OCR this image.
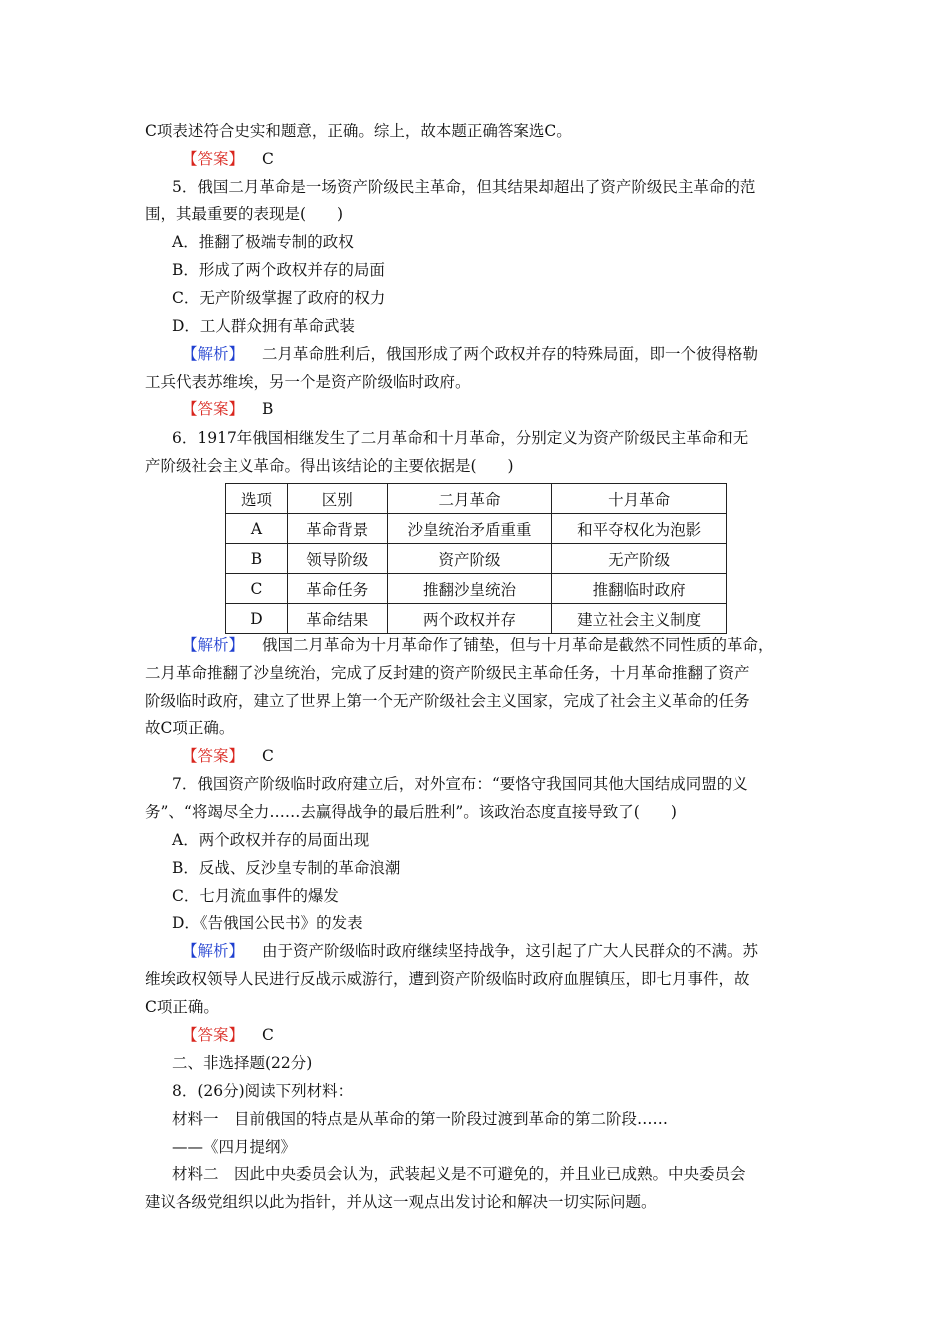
C项表述符合史实和题意，正确。综上，故本题正确答案选C。
【答案】 C
5．俄国二月革命是一场资产阶级民主革命，但其结果却超出了资产阶级民主革命的范
围，其最重要的表现是(　　)
A．推翻了极端专制的政权
B．形成了两个政权并存的局面
C．无产阶级掌握了政府的权力
D．工人群众拥有革命武装
【解析】 二月革命胜利后，俄国形成了两个政权并存的特殊局面，即一个彼得格勒
工兵代表苏维埃，另一个是资产阶级临时政府。
【答案】 B
6．1917年俄国相继发生了二月革命和十月革命，分别定义为资产阶级民主革命和无
产阶级社会主义革命。得出该结论的主要依据是(　　)
选项	区别	二月革命	十月革命
A	革命背景	沙皇统治矛盾重重	和平夺权化为泡影
B	领导阶级	资产阶级	无产阶级
C	革命任务	推翻沙皇统治	推翻临时政府
D	革命结果	两个政权并存	建立社会主义制度
【解析】 俄国二月革命为十月革命作了铺垫，但与十月革命是截然不同性质的革命，
二月革命推翻了沙皇统治，完成了反封建的资产阶级民主革命任务，十月革命推翻了资产
阶级临时政府，建立了世界上第一个无产阶级社会主义国家，完成了社会主义革命的任务
故C项正确。
【答案】 C
7．俄国资产阶级临时政府建立后，对外宣布：“要恪守我国同其他大国结成同盟的义
务”、“将竭尽全力……去赢得战争的最后胜利”。该政治态度直接导致了(　　)
A．两个政权并存的局面出现
B．反战、反沙皇专制的革命浪潮
C．七月流血事件的爆发
D．《告俄国公民书》的发表
【解析】 由于资产阶级临时政府继续坚持战争，这引起了广大人民群众的不满。苏
维埃政权领导人民进行反战示威游行，遭到资产阶级临时政府血腥镇压，即七月事件，故
C项正确。
【答案】 C
二、非选择题(22分)
8．(26分)阅读下列材料：
材料一　目前俄国的特点是从革命的第一阶段过渡到革命的第二阶段……
——《四月提纲》
材料二　因此中央委员会认为，武装起义是不可避免的，并且业已成熟。中央委员会
建议各级党组织以此为指针，并从这一观点出发讨论和解决一切实际问题。
